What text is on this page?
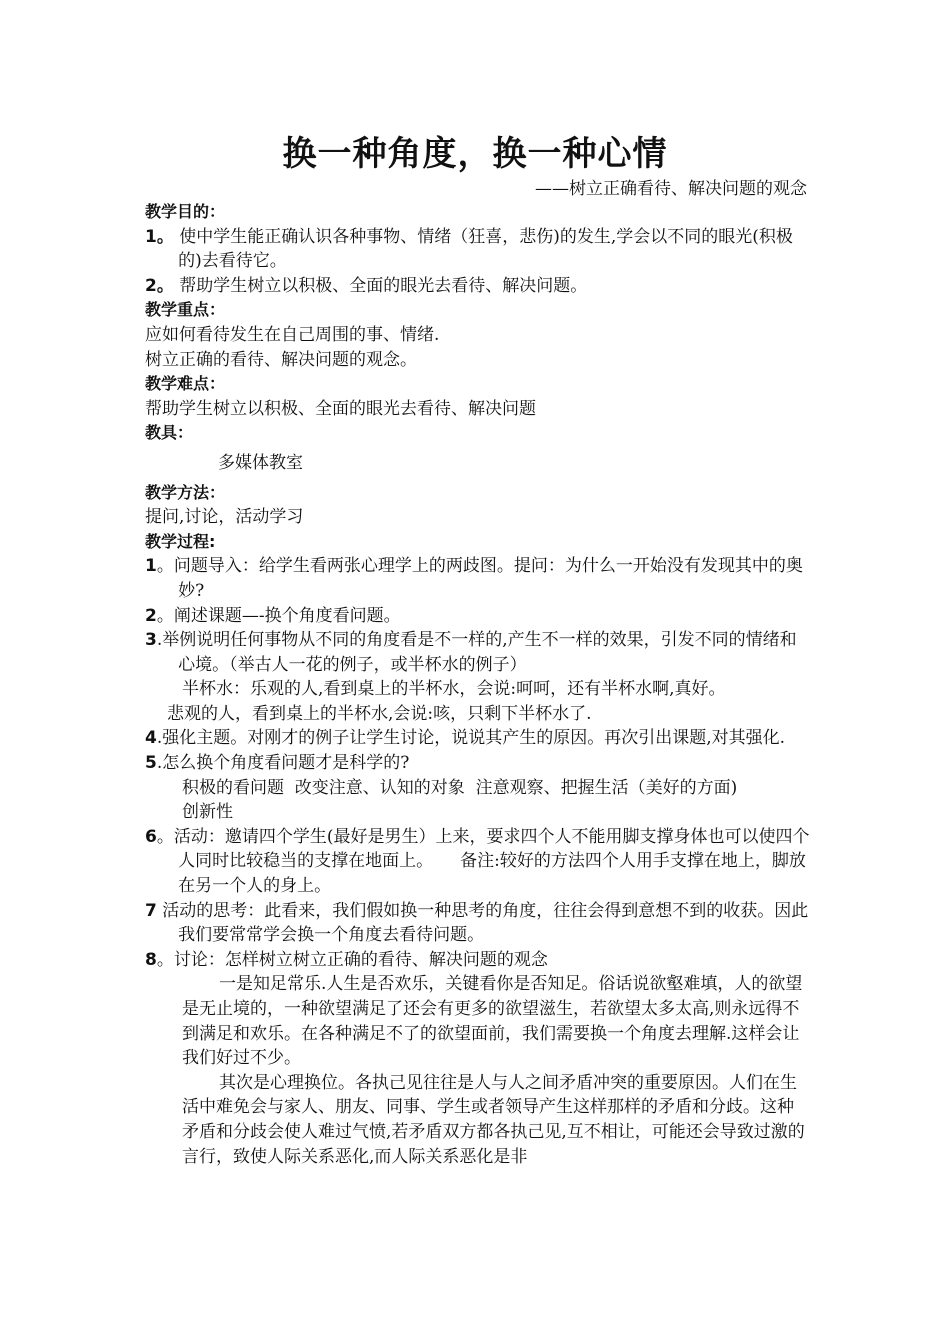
换一种角度，换一种心情
——树立正确看待、解决问题的观念
教学目的：
1。 使中学生能正确认识各种事物、情绪（狂喜，悲伤)的发生,学会以不同的眼光(积极的)去看待它。
2。 帮助学生树立以积极、全面的眼光去看待、解决问题。
教学重点：
应如何看待发生在自己周围的事、情绪.
树立正确的看待、解决问题的观念。
教学难点：
帮助学生树立以积极、全面的眼光去看待、解决问题
教具：
多媒体教室
教学方法：
提问,讨论，活动学习
教学过程:
1。问题导入：给学生看两张心理学上的两歧图。提问：为什么一开始没有发现其中的奥妙?
2。阐述课题—-换个角度看问题。
3.举例说明任何事物从不同的角度看是不一样的,产生不一样的效果，引发不同的情绪和心境。（举古人一花的例子，或半杯水的例子）
半杯水：乐观的人,看到桌上的半杯水，会说:呵呵，还有半杯水啊,真好。
悲观的人，看到桌上的半杯水,会说:咳，只剩下半杯水了.
4.强化主题。对刚才的例子让学生讨论，说说其产生的原因。再次引出课题,对其强化.
5.怎么换个角度看问题才是科学的?
积极的看问题  改变注意、认知的对象  注意观察、把握生活（美好的方面)
创新性
6。活动：邀请四个学生(最好是男生）上来，要求四个人不能用脚支撑身体也可以使四个人同时比较稳当的支撑在地面上。     备注:较好的方法四个人用手支撑在地上，脚放在另一个人的身上。
7 活动的思考：此看来，我们假如换一种思考的角度，往往会得到意想不到的收获。因此我们要常常学会换一个角度去看待问题。
8。讨论：怎样树立树立正确的看待、解决问题的观念
一是知足常乐.人生是否欢乐，关键看你是否知足。俗话说欲壑难填，人的欲望是无止境的，一种欲望满足了还会有更多的欲望滋生，若欲望太多太高,则永远得不到满足和欢乐。在各种满足不了的欲望面前，我们需要换一个角度去理解.这样会让我们好过不少。
其次是心理换位。各执己见往往是人与人之间矛盾冲突的重要原因。人们在生活中难免会与家人、朋友、同事、学生或者领导产生这样那样的矛盾和分歧。这种矛盾和分歧会使人难过气愤,若矛盾双方都各执己见,互不相让，可能还会导致过激的言行，致使人际关系恶化,而人际关系恶化是非
